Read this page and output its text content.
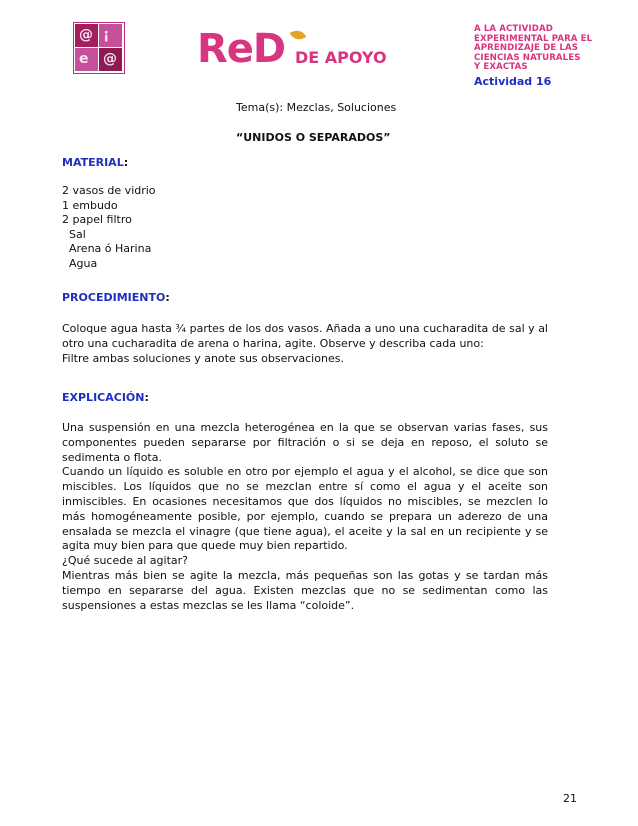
@ ¡
e @ ReD DE APOYO
A LA ACTIVIDAD
EXPERIMENTAL PARA EL
APRENDIZAJE DE LAS
CIENCIAS NATURALES
Y EXACTAS
Actividad 16
Tema(s): Mezclas, Soluciones
“UNIDOS O SEPARADOS”
MATERIAL:
2 vasos de vidrio
1 embudo
2 papel filtro
Sal
Arena ó Harina
Agua
PROCEDIMIENTO:

Coloque agua hasta ¾ partes de los dos vasos. Añada a uno una cucharadita de sal y al otro una cucharadita de arena o harina, agite. Observe y describa cada uno:

Filtre ambas soluciones y anote sus observaciones.

EXPLICACIÓN:

Una suspensión en una mezcla heterogénea en la que se observan varias fases, sus componentes pueden separarse por filtración o si se deja en reposo, el soluto se sedimenta o flota.

Cuando un líquido es soluble en otro por ejemplo el agua y el alcohol, se dice que son miscibles. Los líquidos que no se mezclan entre sí como el agua y el aceite son inmiscibles. En ocasiones necesitamos que dos líquidos no miscibles, se mezclen lo más homogéneamente posible, por ejemplo, cuando se prepara un aderezo de una ensalada se mezcla el vinagre (que tiene agua), el aceite y la sal en un recipiente y se agita muy bien para que quede muy bien repartido.

¿Qué sucede al agitar?

Mientras más bien se agite la mezcla, más pequeñas son las gotas y se tardan más tiempo en separarse del agua. Existen mezclas que no se sedimentan como las suspensiones a estas mezclas se les llama “coloide”.

21
